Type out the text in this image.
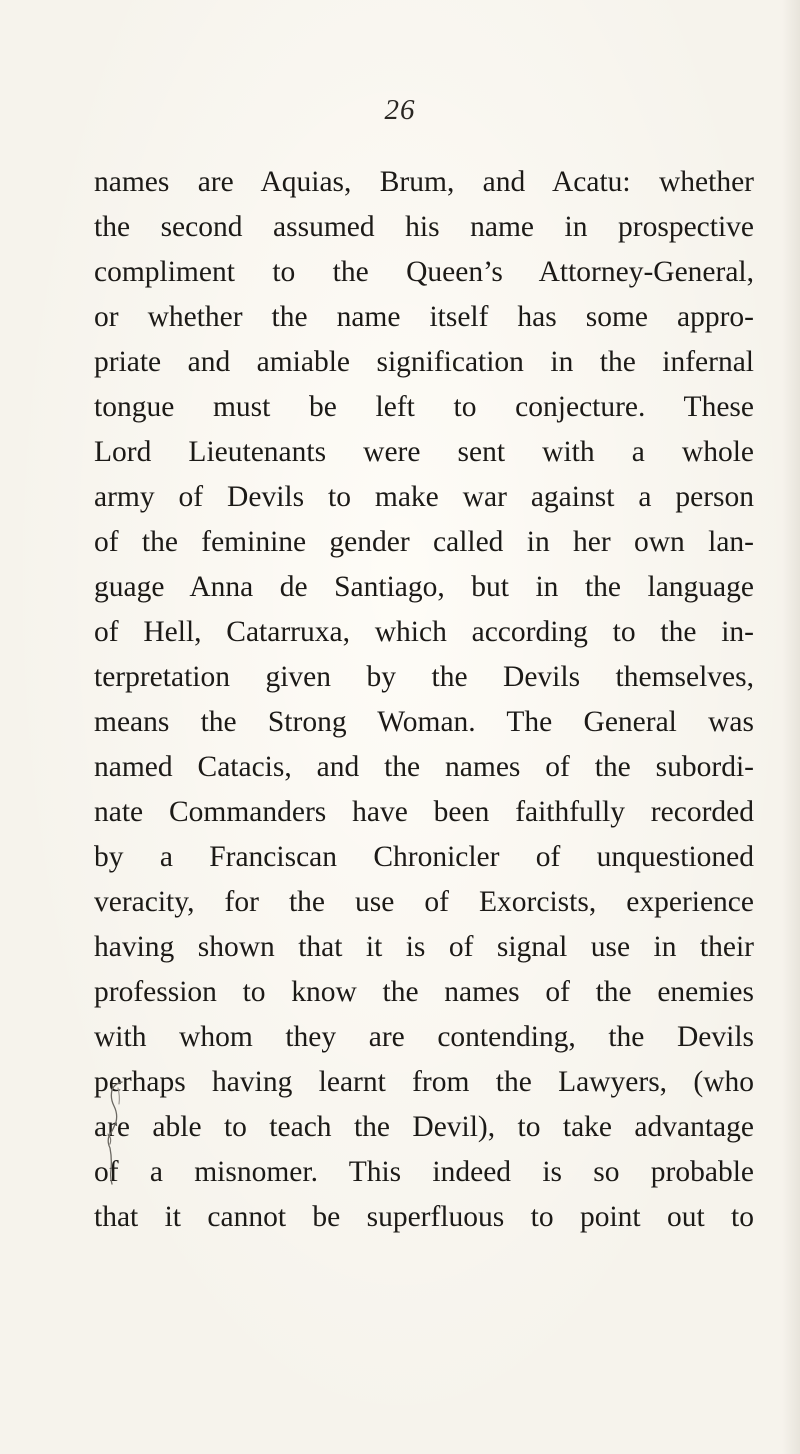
26
names are Aquias, Brum, and Acatu: whether
the second assumed his name in prospective
compliment to the Queen’s Attorney-General,
or whether the name itself has some appro-
priate and amiable signification in the infernal
tongue must be left to conjecture. These
Lord Lieutenants were sent with a whole
army of Devils to make war against a person
of the feminine gender called in her own lan-
guage Anna de Santiago, but in the language
of Hell, Catarruxa, which according to the in-
terpretation given by the Devils themselves,
means the Strong Woman. The General was
named Catacis, and the names of the subordi-
nate Commanders have been faithfully recorded
by a Franciscan Chronicler of unquestioned
veracity, for the use of Exorcists, experience
having shown that it is of signal use in their
profession to know the names of the enemies
with whom they are contending, the Devils
perhaps having learnt from the Lawyers, (who
are able to teach the Devil), to take advantage
of a misnomer. This indeed is so probable
that it cannot be superfluous to point out to
